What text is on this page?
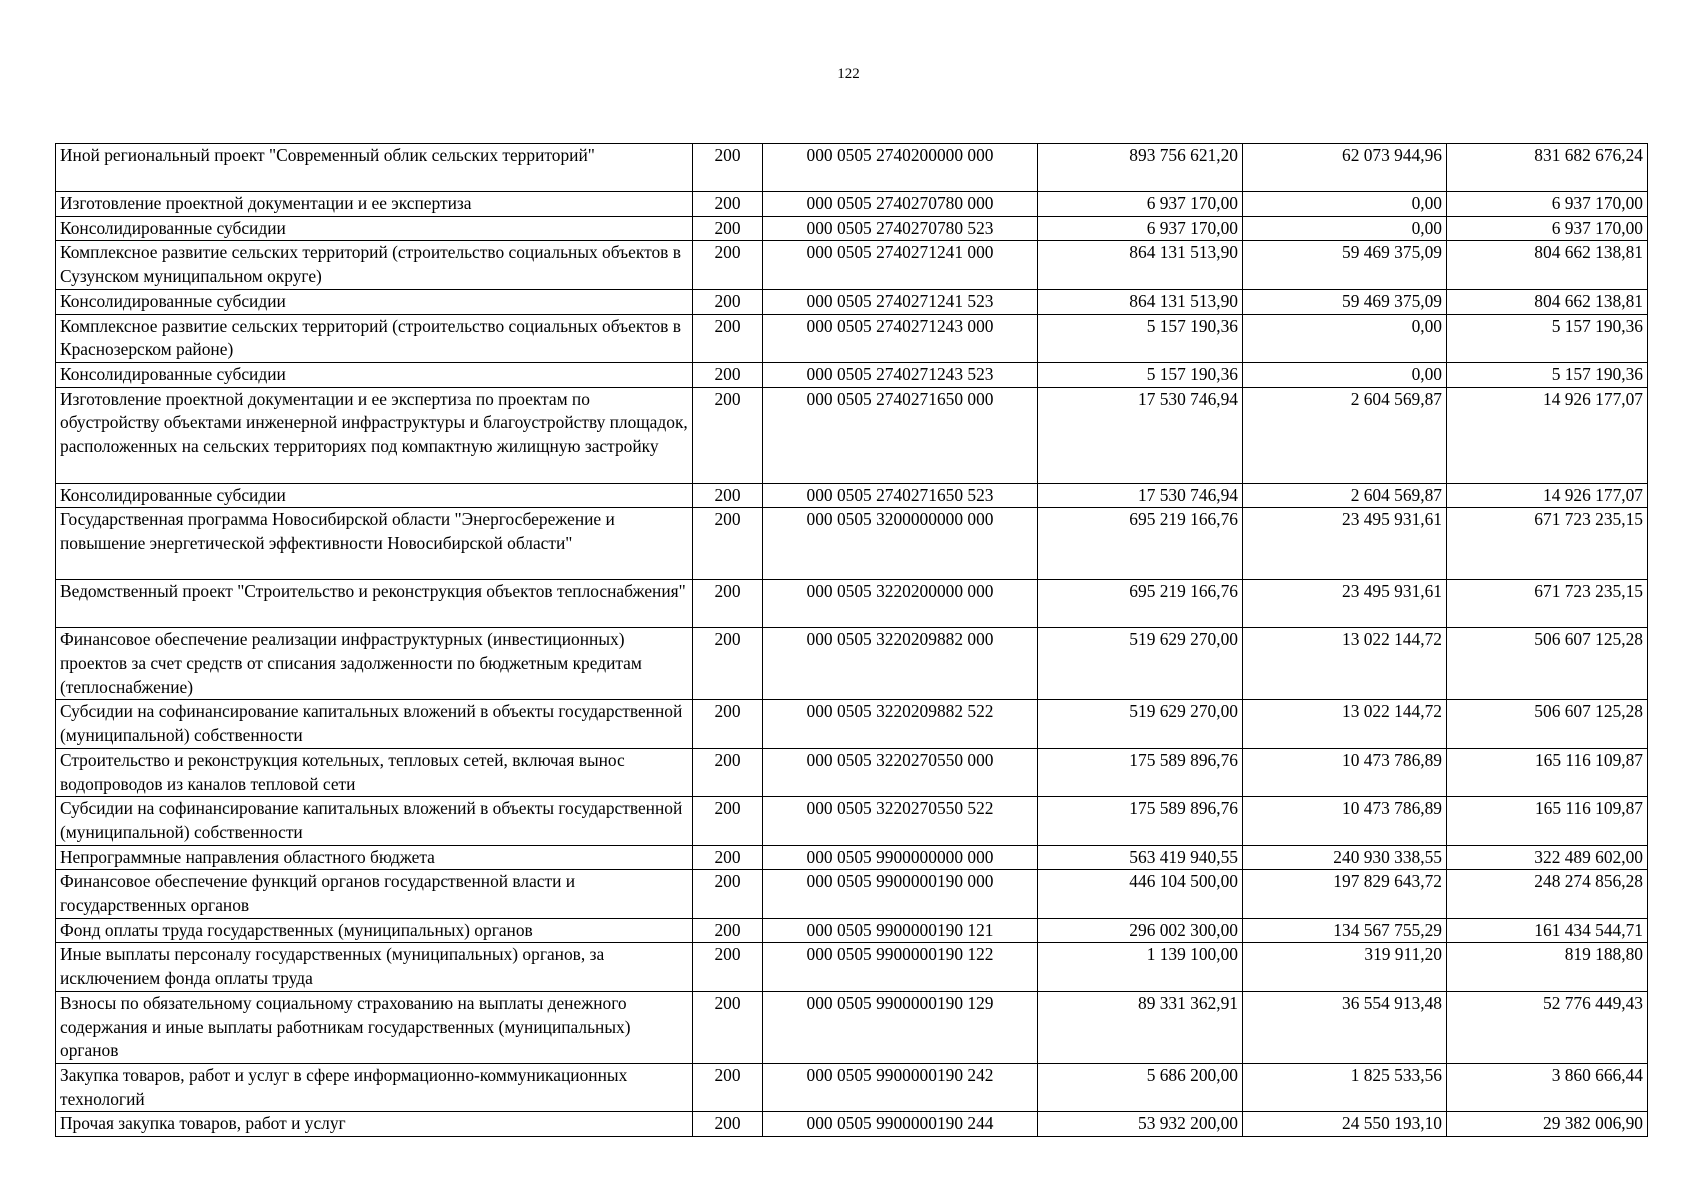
122
Иной региональный проект "Современный облик сельских территорий"	200	000 0505 2740200000 000	893 756 621,20	62 073 944,96	831 682 676,24
Изготовление проектной документации и ее экспертиза	200	000 0505 2740270780 000	6 937 170,00	0,00	6 937 170,00
Консолидированные субсидии	200	000 0505 2740270780 523	6 937 170,00	0,00	6 937 170,00
Комплексное развитие сельских территорий (строительство социальных объектов в Сузунском муниципальном округе)	200	000 0505 2740271241 000	864 131 513,90	59 469 375,09	804 662 138,81
Консолидированные субсидии	200	000 0505 2740271241 523	864 131 513,90	59 469 375,09	804 662 138,81
Комплексное развитие сельских территорий (строительство социальных объектов в Краснозерском районе)	200	000 0505 2740271243 000	5 157 190,36	0,00	5 157 190,36
Консолидированные субсидии	200	000 0505 2740271243 523	5 157 190,36	0,00	5 157 190,36
Изготовление проектной документации и ее экспертиза по проектам по обустройству объектами инженерной инфраструктуры и благоустройству площадок, расположенных на сельских территориях под компактную жилищную застройку	200	000 0505 2740271650 000	17 530 746,94	2 604 569,87	14 926 177,07
Консолидированные субсидии	200	000 0505 2740271650 523	17 530 746,94	2 604 569,87	14 926 177,07
Государственная программа Новосибирской области "Энергосбережение и повышение энергетической эффективности Новосибирской области"	200	000 0505 3200000000 000	695 219 166,76	23 495 931,61	671 723 235,15
Ведомственный проект "Строительство и реконструкция объектов теплоснабжения"	200	000 0505 3220200000 000	695 219 166,76	23 495 931,61	671 723 235,15
Финансовое обеспечение реализации инфраструктурных (инвестиционных) проектов за счет средств от списания задолженности по бюджетным кредитам (теплоснабжение)	200	000 0505 3220209882 000	519 629 270,00	13 022 144,72	506 607 125,28
Субсидии на софинансирование капитальных вложений в объекты государственной (муниципальной) собственности	200	000 0505 3220209882 522	519 629 270,00	13 022 144,72	506 607 125,28
Строительство и реконструкция котельных, тепловых сетей, включая вынос водопроводов из каналов тепловой сети	200	000 0505 3220270550 000	175 589 896,76	10 473 786,89	165 116 109,87
Субсидии на софинансирование капитальных вложений в объекты государственной (муниципальной) собственности	200	000 0505 3220270550 522	175 589 896,76	10 473 786,89	165 116 109,87
Непрограммные направления областного бюджета	200	000 0505 9900000000 000	563 419 940,55	240 930 338,55	322 489 602,00
Финансовое обеспечение функций органов государственной власти и государственных органов	200	000 0505 9900000190 000	446 104 500,00	197 829 643,72	248 274 856,28
Фонд оплаты труда государственных (муниципальных) органов	200	000 0505 9900000190 121	296 002 300,00	134 567 755,29	161 434 544,71
Иные выплаты персоналу государственных (муниципальных) органов, за исключением фонда оплаты труда	200	000 0505 9900000190 122	1 139 100,00	319 911,20	819 188,80
Взносы по обязательному социальному страхованию на выплаты денежного содержания и иные выплаты работникам государственных (муниципальных) органов	200	000 0505 9900000190 129	89 331 362,91	36 554 913,48	52 776 449,43
Закупка товаров, работ и услуг в сфере информационно-коммуникационных технологий	200	000 0505 9900000190 242	5 686 200,00	1 825 533,56	3 860 666,44
Прочая закупка товаров, работ и услуг	200	000 0505 9900000190 244	53 932 200,00	24 550 193,10	29 382 006,90
